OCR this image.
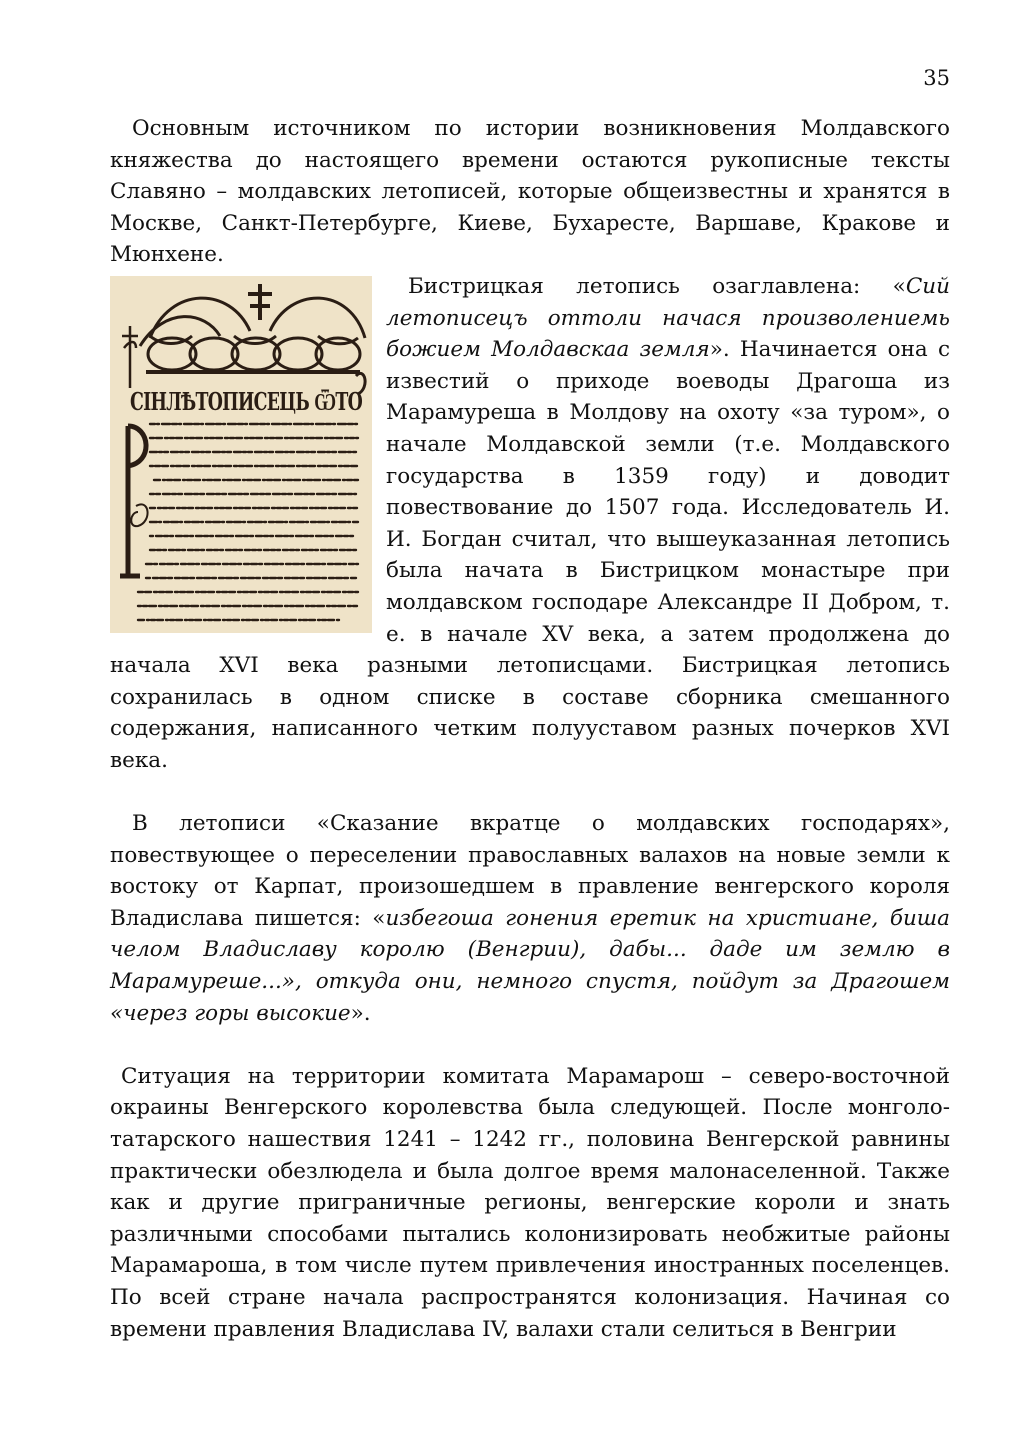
35

Основным источником по истории возникновения Молдавского княжества до настоящего времени остаются рукописные тексты Славяно – молдавских летописей, которые общеизвестны и хранятся в Москве, Санкт-Петербурге, Киеве, Бухаресте, Варшаве, Кракове и Мюнхене.

СІНЛѢТОПИСЕЦЬ ѾТО

Бистрицкая летопись озаглавлена: «Сий летописецъ оттоли начася произволениемь божием Молдавскаа земля». Начинается она с известий о приходе воеводы Драгоша из Марамуреша в Молдову на охоту «за туром», о начале Молдавской земли (т.е. Молдавского государства в 1359 году) и доводит повествование до 1507 года. Исследователь И. И. Богдан считал, что вышеуказанная летопись была начата в Бистрицком монастыре при молдавском господаре Александре II Добром, т. е. в начале XV века, а затем продолжена до начала XVI века разными летописцами. Бистрицкая летопись сохранилась в одном списке в составе сборника смешанного содержания, написанного четким полууставом разных почерков XVI века.

В летописи «Сказание вкратце о молдавских господарях», повествующее о переселении православных валахов на новые земли к востоку от Карпат, произошедшем в правление венгерского короля Владислава пишется: «избегоша гонения еретик на христиане, биша челом Владиславу королю (Венгрии), дабы... даде им землю в Марамуреше...», откуда они, немного спустя, пойдут за Драгошем «через горы высокие».

Ситуация на территории комитата Марамарош – северо-восточной окраины Венгерского королевства была следующей. После монголо-татарского нашествия 1241 – 1242 гг., половина Венгерской равнины практически обезлюдела и была долгое время малонаселенной. Также как и другие приграничные регионы, венгерские короли и знать различными способами пытались колонизировать необжитые районы Марамароша, в том числе путем привлечения иностранных поселенцев. По всей стране начала распространятся колонизация. Начиная со времени правления Владислава IV, валахи стали селиться в Венгрии
